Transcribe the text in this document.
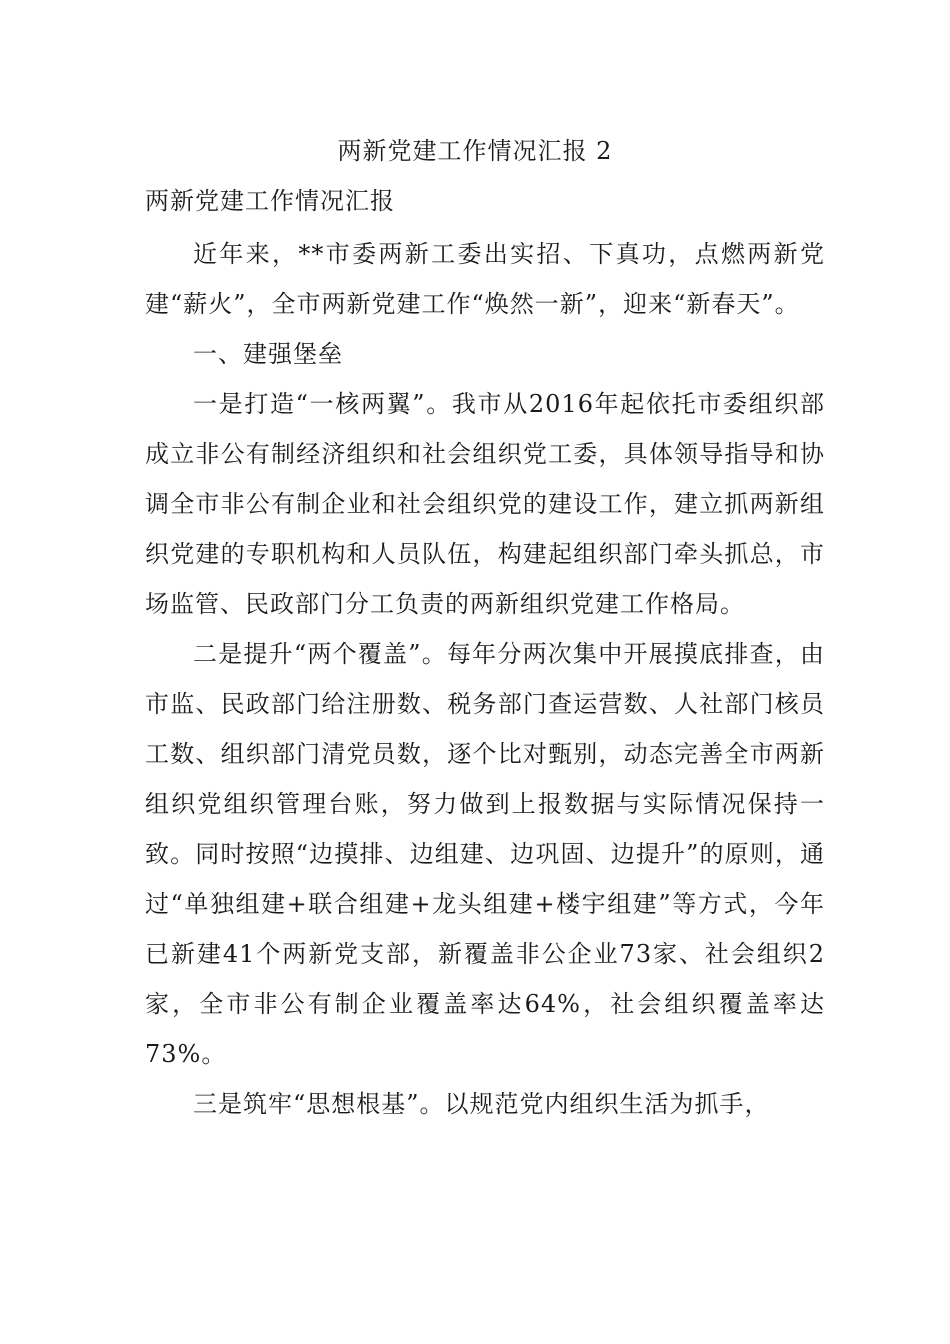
两新党建工作情况汇报 2
两新党建工作情况汇报

近年来，**市委两新工委出实招、下真功，点燃两新党建“薪火”，全市两新党建工作“焕然一新”，迎来“新春天”。

一、建强堡垒

一是打造“一核两翼”。我市从2016年起依托市委组织部成立非公有制经济组织和社会组织党工委，具体领导指导和协调全市非公有制企业和社会组织党的建设工作，建立抓两新组织党建的专职机构和人员队伍，构建起组织部门牵头抓总，市场监管、民政部门分工负责的两新组织党建工作格局。

二是提升“两个覆盖”。每年分两次集中开展摸底排查，由市监、民政部门给注册数、税务部门查运营数、人社部门核员工数、组织部门清党员数，逐个比对甄别，动态完善全市两新组织党组织管理台账，努力做到上报数据与实际情况保持一致。同时按照“边摸排、边组建、边巩固、边提升”的原则，通过“单独组建+联合组建+龙头组建+楼宇组建”等方式，今年已新建41个两新党支部，新覆盖非公企业73家、社会组织2家，全市非公有制企业覆盖率达64%，社会组织覆盖率达73%。

三是筑牢“思想根基”。以规范党内组织生活为抓手，
